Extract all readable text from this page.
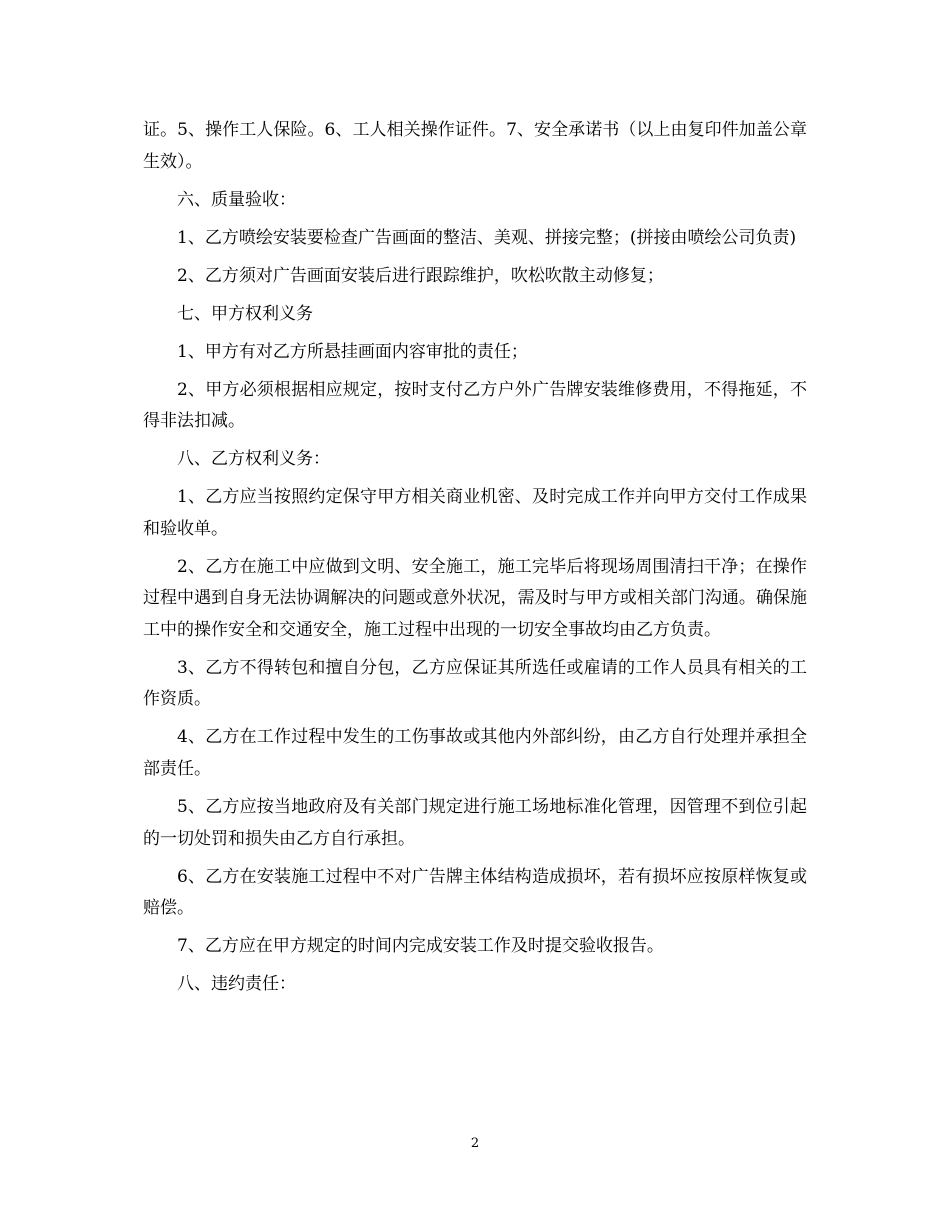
证。5、操作工人保险。6、工人相关操作证件。7、安全承诺书（以上由复印件加盖公章生效）。

六、质量验收：

1、乙方喷绘安装要检查广告画面的整洁、美观、拼接完整；(拼接由喷绘公司负责)

2、乙方须对广告画面安装后进行跟踪维护，吹松吹散主动修复；

七、甲方权利义务

1、甲方有对乙方所悬挂画面内容审批的责任；

2、甲方必须根据相应规定，按时支付乙方户外广告牌安装维修费用，不得拖延，不得非法扣减。

八、乙方权利义务：

1、乙方应当按照约定保守甲方相关商业机密、及时完成工作并向甲方交付工作成果和验收单。

2、乙方在施工中应做到文明、安全施工，施工完毕后将现场周围清扫干净；在操作过程中遇到自身无法协调解决的问题或意外状况，需及时与甲方或相关部门沟通。确保施工中的操作安全和交通安全，施工过程中出现的一切安全事故均由乙方负责。

3、乙方不得转包和擅自分包，乙方应保证其所选任或雇请的工作人员具有相关的工作资质。

4、乙方在工作过程中发生的工伤事故或其他内外部纠纷，由乙方自行处理并承担全部责任。

5、乙方应按当地政府及有关部门规定进行施工场地标准化管理，因管理不到位引起的一切处罚和损失由乙方自行承担。

6、乙方在安装施工过程中不对广告牌主体结构造成损坏，若有损坏应按原样恢复或赔偿。

7、乙方应在甲方规定的时间内完成安装工作及时提交验收报告。

八、违约责任：

2
